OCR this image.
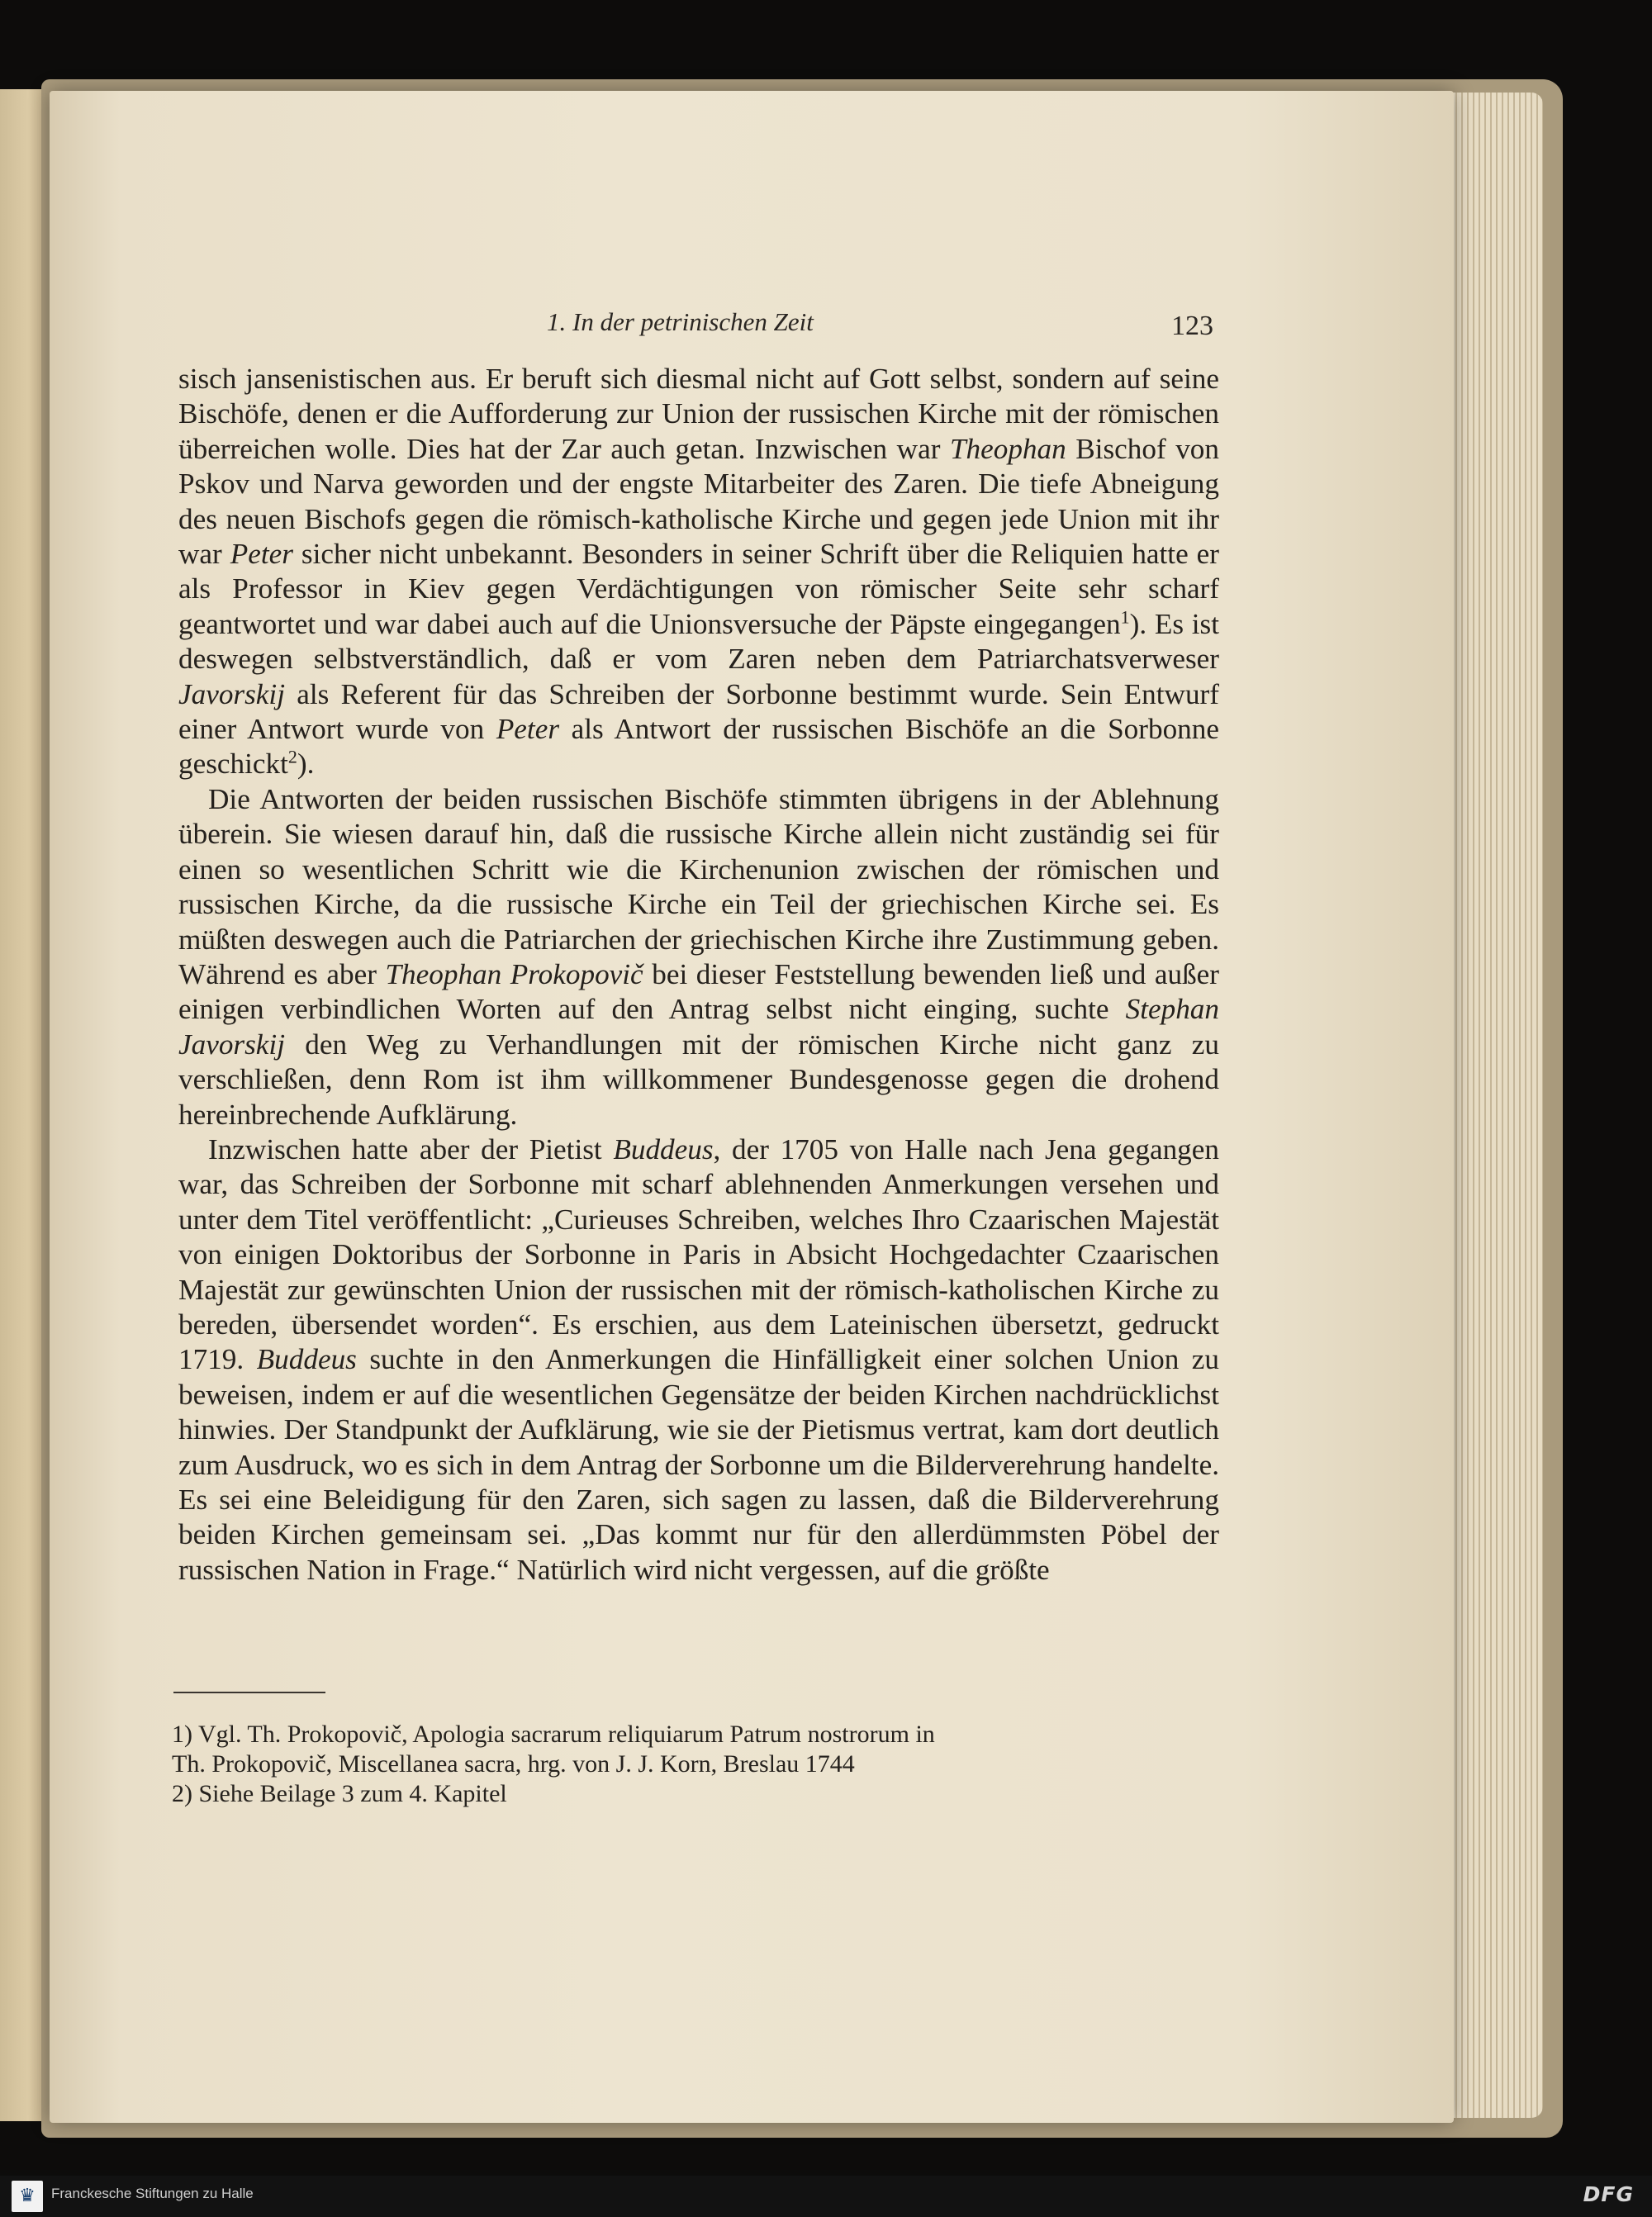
1. In der petrinischen Zeit	123

sisch jansenistischen aus. Er beruft sich diesmal nicht auf Gott selbst, sondern auf seine Bischöfe, denen er die Aufforderung zur Union der russischen Kirche mit der römischen überreichen wolle. Dies hat der Zar auch getan. Inzwischen war Theophan Bischof von Pskov und Narva geworden und der engste Mitarbeiter des Zaren. Die tiefe Abneigung des neuen Bischofs gegen die römisch-katholische Kirche und gegen jede Union mit ihr war Peter sicher nicht unbekannt. Besonders in seiner Schrift über die Reliquien hatte er als Professor in Kiev gegen Verdächtigungen von römischer Seite sehr scharf geantwortet und war dabei auch auf die Unionsversuche der Päpste eingegangen$^1$). Es ist deswegen selbstverständlich, daß er vom Zaren neben dem Patriarchatsverweser Javorskij als Referent für das Schreiben der Sorbonne bestimmt wurde. Sein Entwurf einer Antwort wurde von Peter als Antwort der russischen Bischöfe an die Sorbonne geschickt$^2$).

Die Antworten der beiden russischen Bischöfe stimmten übrigens in der Ablehnung überein. Sie wiesen darauf hin, daß die russische Kirche allein nicht zuständig sei für einen so wesentlichen Schritt wie die Kirchenunion zwischen der römischen und russischen Kirche, da die russische Kirche ein Teil der griechischen Kirche sei. Es müßten deswegen auch die Patriarchen der griechischen Kirche ihre Zustimmung geben. Während es aber Theophan Prokopovič bei dieser Feststellung bewenden ließ und außer einigen verbindlichen Worten auf den Antrag selbst nicht einging, suchte Stephan Javorskij den Weg zu Verhandlungen mit der römischen Kirche nicht ganz zu verschließen, denn Rom ist ihm willkommener Bundesgenosse gegen die drohend hereinbrechende Aufklärung.

Inzwischen hatte aber der Pietist Buddeus, der 1705 von Halle nach Jena gegangen war, das Schreiben der Sorbonne mit scharf ablehnenden Anmerkungen versehen und unter dem Titel veröffentlicht: „Curieuses Schreiben, welches Ihro Czaarischen Majestät von einigen Doktoribus der Sorbonne in Paris in Absicht Hochgedachter Czaarischen Majestät zur gewünschten Union der russischen mit der römisch-katholischen Kirche zu bereden, übersendet worden“. Es erschien, aus dem Lateinischen übersetzt, gedruckt 1719. Buddeus suchte in den Anmerkungen die Hinfälligkeit einer solchen Union zu beweisen, indem er auf die wesentlichen Gegensätze der beiden Kirchen nachdrücklichst hinwies. Der Standpunkt der Aufklärung, wie sie der Pietismus vertrat, kam dort deutlich zum Ausdruck, wo es sich in dem Antrag der Sorbonne um die Bilderverehrung handelte. Es sei eine Beleidigung für den Zaren, sich sagen zu lassen, daß die Bilderverehrung beiden Kirchen gemeinsam sei. „Das kommt nur für den allerdümmsten Pöbel der russischen Nation in Frage.“ Natürlich wird nicht vergessen, auf die größte

1) Vgl. Th. Prokopovič, Apologia sacrarum reliquiarum Patrum nostrorum in

Th. Prokopovič, Miscellanea sacra, hrg. von J. J. Korn, Breslau 1744

2) Siehe Beilage 3 zum 4. Kapitel

♛	Franckesche Stiftungen zu Halle	DFG
